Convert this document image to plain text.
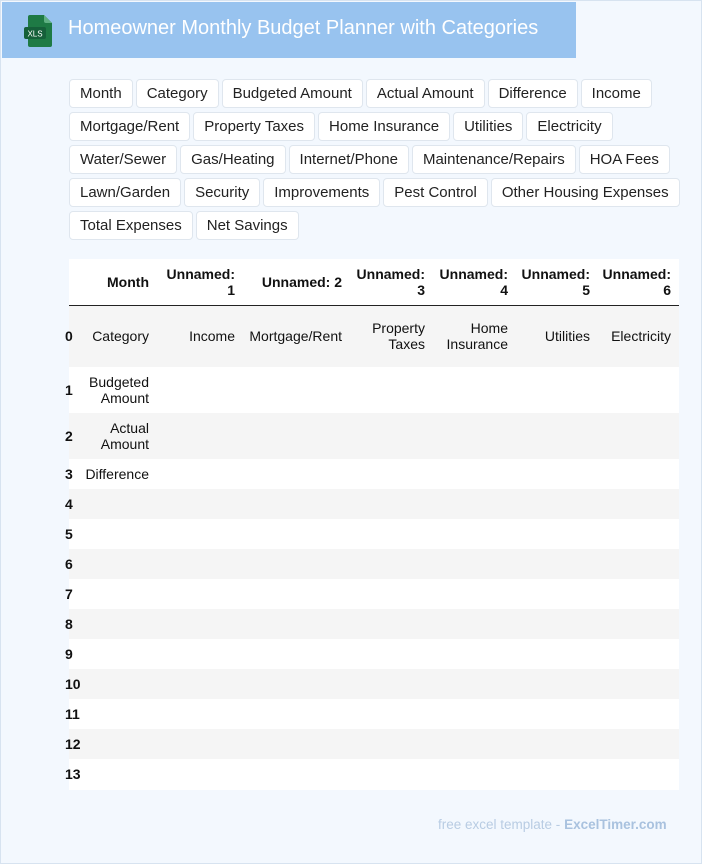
XLS Homeowner Monthly Budget Planner with Categories
Month	Category	Budgeted Amount	Actual Amount	Difference	Income
Mortgage/Rent	Property Taxes	Home Insurance	Utilities	Electricity
Water/Sewer	Gas/Heating	Internet/Phone	Maintenance/Repairs	HOA Fees
Lawn/Garden	Security	Improvements	Pest Control	Other Housing Expenses
Total Expenses	Net Savings
	Month	Unnamed: 1	Unnamed: 2	Unnamed: 3	Unnamed: 4	Unnamed: 5	Unnamed: 6
0	Category	Income	Mortgage/Rent	Property Taxes	Home Insurance	Utilities	Electricity
1	Budgeted Amount						
2	Actual Amount						
3	Difference						
4							
5							
6							
7							
8							
9							
10							
11							
12							
13							
free excel template - ExcelTimer.com
